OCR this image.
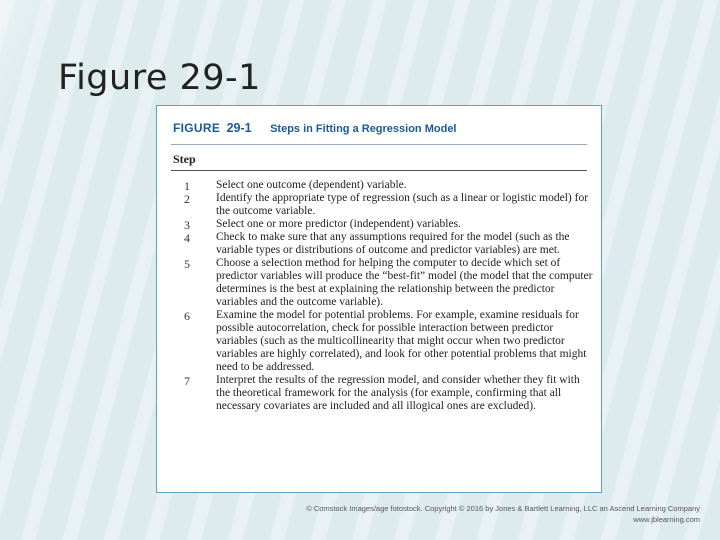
Figure 29-1
FIGURE 29-1 Steps in Fitting a Regression Model
Step
1 Select one outcome (dependent) variable.
2 Identify the appropriate type of regression (such as a linear or logistic model) for the outcome variable.
3 Select one or more predictor (independent) variables.
4 Check to make sure that any assumptions required for the model (such as the variable types or distributions of outcome and predictor variables) are met.
5 Choose a selection method for helping the computer to decide which set of predictor variables will produce the “best-fit” model (the model that the computer determines is the best at explaining the relationship between the predictor variables and the outcome variable).
6 Examine the model for potential problems. For example, examine residuals for possible autocorrelation, check for possible interaction between predictor variables (such as the multicollinearity that might occur when two predictor variables are highly correlated), and look for other potential problems that might need to be addressed.
7 Interpret the results of the regression model, and consider whether they fit with the theoretical framework for the analysis (for example, confirming that all necessary covariates are included and all illogical ones are excluded).
© Comstock Images/age fotostock. Copyright © 2016 by Jones & Bartlett Learning, LLC an Ascend Learning Company
www.jblearning.com
